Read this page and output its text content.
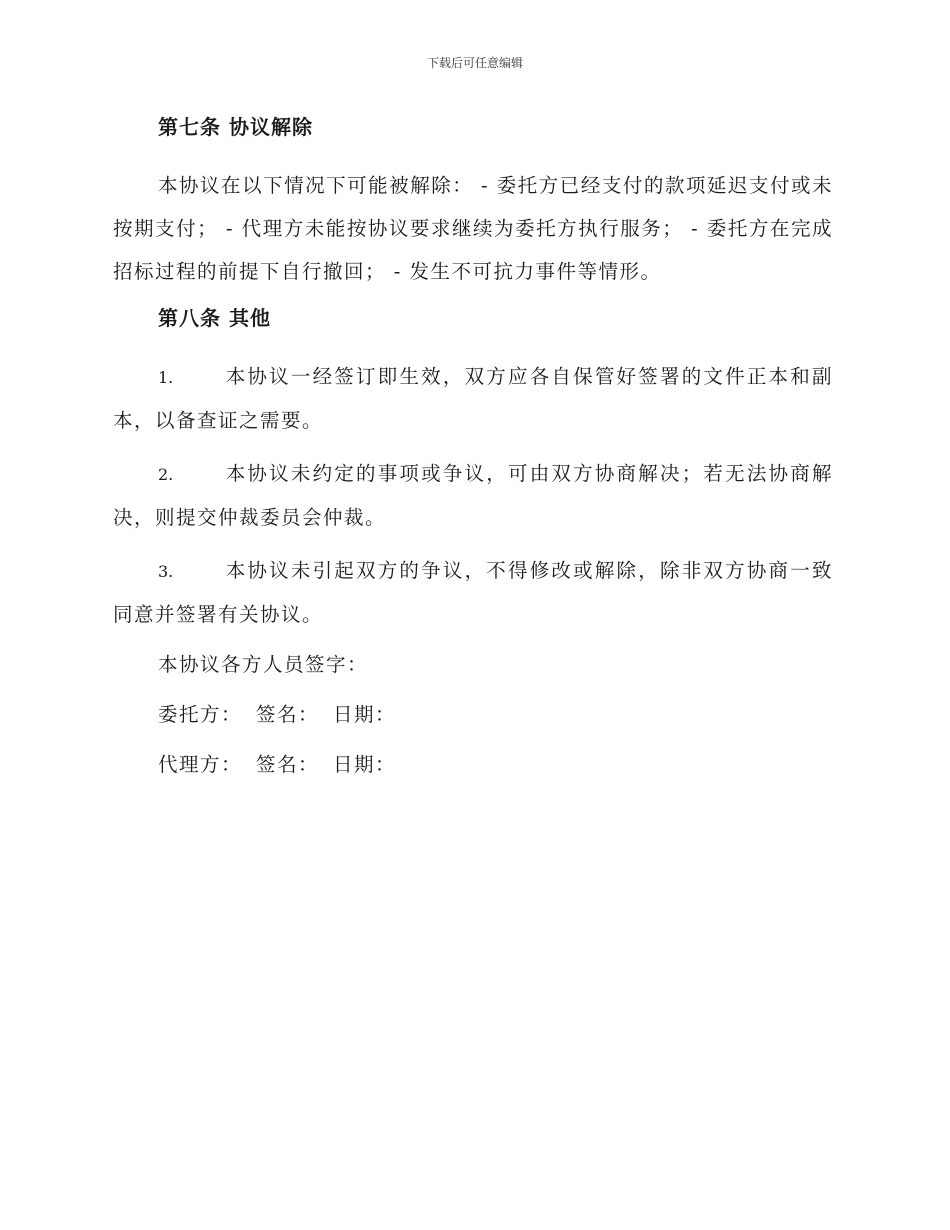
下载后可任意编辑
第七条 协议解除

本协议在以下情况下可能被解除： - 委托方已经支付的款项延迟支付或未按期支付； - 代理方未能按协议要求继续为委托方执行服务； - 委托方在完成招标过程的前提下自行撤回； - 发生不可抗力事件等情形。

第八条 其他

1.	本协议一经签订即生效，双方应各自保管好签署的文件正本和副本，以备查证之需要。

2.	本协议未约定的事项或争议，可由双方协商解决；若无法协商解决，则提交仲裁委员会仲裁。

3.	本协议未引起双方的争议，不得修改或解除，除非双方协商一致同意并签署有关协议。

本协议各方人员签字：
委托方： 签名： 日期：
代理方： 签名： 日期：
